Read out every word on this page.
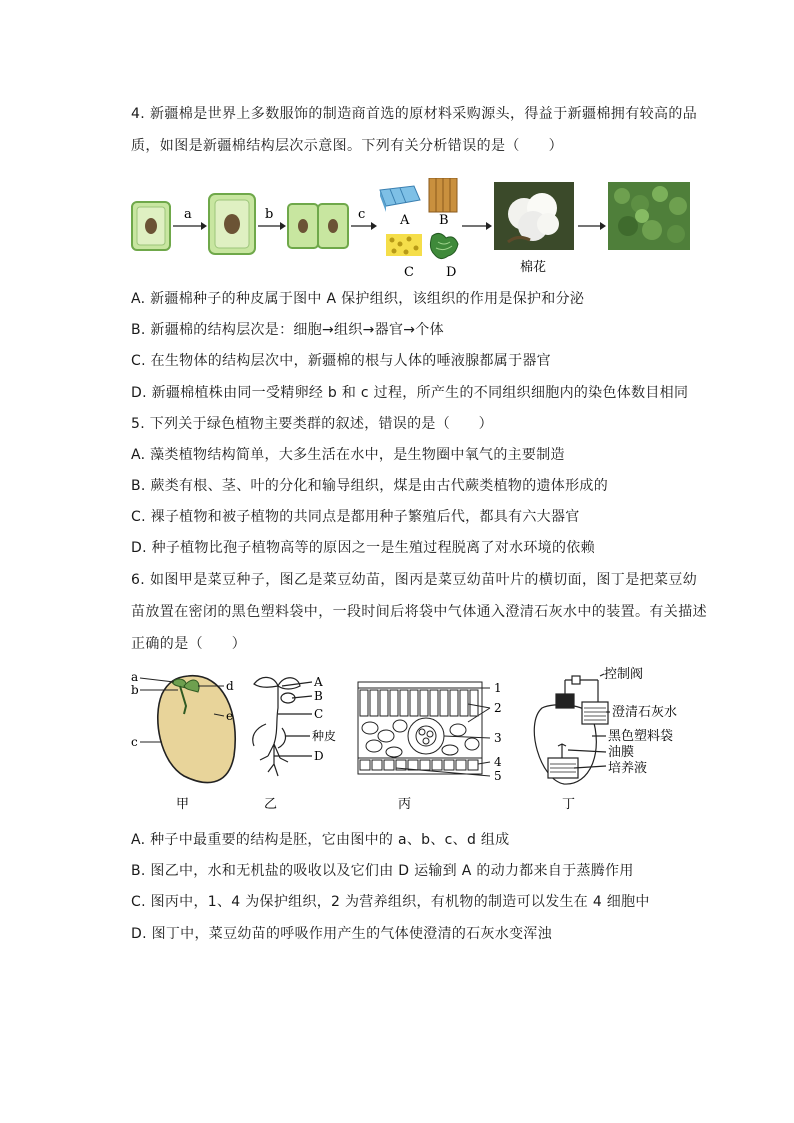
4. 新疆棉是世界上多数服饰的制造商首选的原材料采购源头，得益于新疆棉拥有较高的品
质，如图是新疆棉结构层次示意图。下列有关分析错误的是（　　）
a	b	c	A B
C D	棉花
A. 新疆棉种子的种皮属于图中 A 保护组织，该组织的作用是保护和分泌
B. 新疆棉的结构层次是：细胞→组织→器官→个体
C. 在生物体的结构层次中，新疆棉的根与人体的唾液腺都属于器官
D. 新疆棉植株由同一受精卵经 b 和 c 过程，所产生的不同组织细胞内的染色体数目相同
5. 下列关于绿色植物主要类群的叙述，错误的是（　　）
A. 藻类植物结构简单，大多生活在水中，是生物圈中氧气的主要制造
B. 蕨类有根、茎、叶的分化和输导组织，煤是由古代蕨类植物的遗体形成的
C. 裸子植物和被子植物的共同点是都用种子繁殖后代，都具有六大器官
D. 种子植物比孢子植物高等的原因之一是生殖过程脱离了对水环境的依赖
6. 如图甲是菜豆种子，图乙是菜豆幼苗，图丙是菜豆幼苗叶片的横切面，图丁是把菜豆幼
苗放置在密闭的黑色塑料袋中，一段时间后将袋中气体通入澄清石灰水中的装置。有关描述
正确的是（　　）
a
b
c
d
e
甲
A
B
C
种皮
D
乙
1
2
3
4
5
丙
控制阀
澄清石灰水
黑色塑料袋
油膜
培养液
丁
A. 种子中最重要的结构是胚，它由图中的 a、b、c、d 组成
B. 图乙中，水和无机盐的吸收以及它们由 D 运输到 A 的动力都来自于蒸腾作用
C. 图丙中，1、4 为保护组织，2 为营养组织，有机物的制造可以发生在 4 细胞中
D. 图丁中，菜豆幼苗的呼吸作用产生的气体使澄清的石灰水变浑浊
